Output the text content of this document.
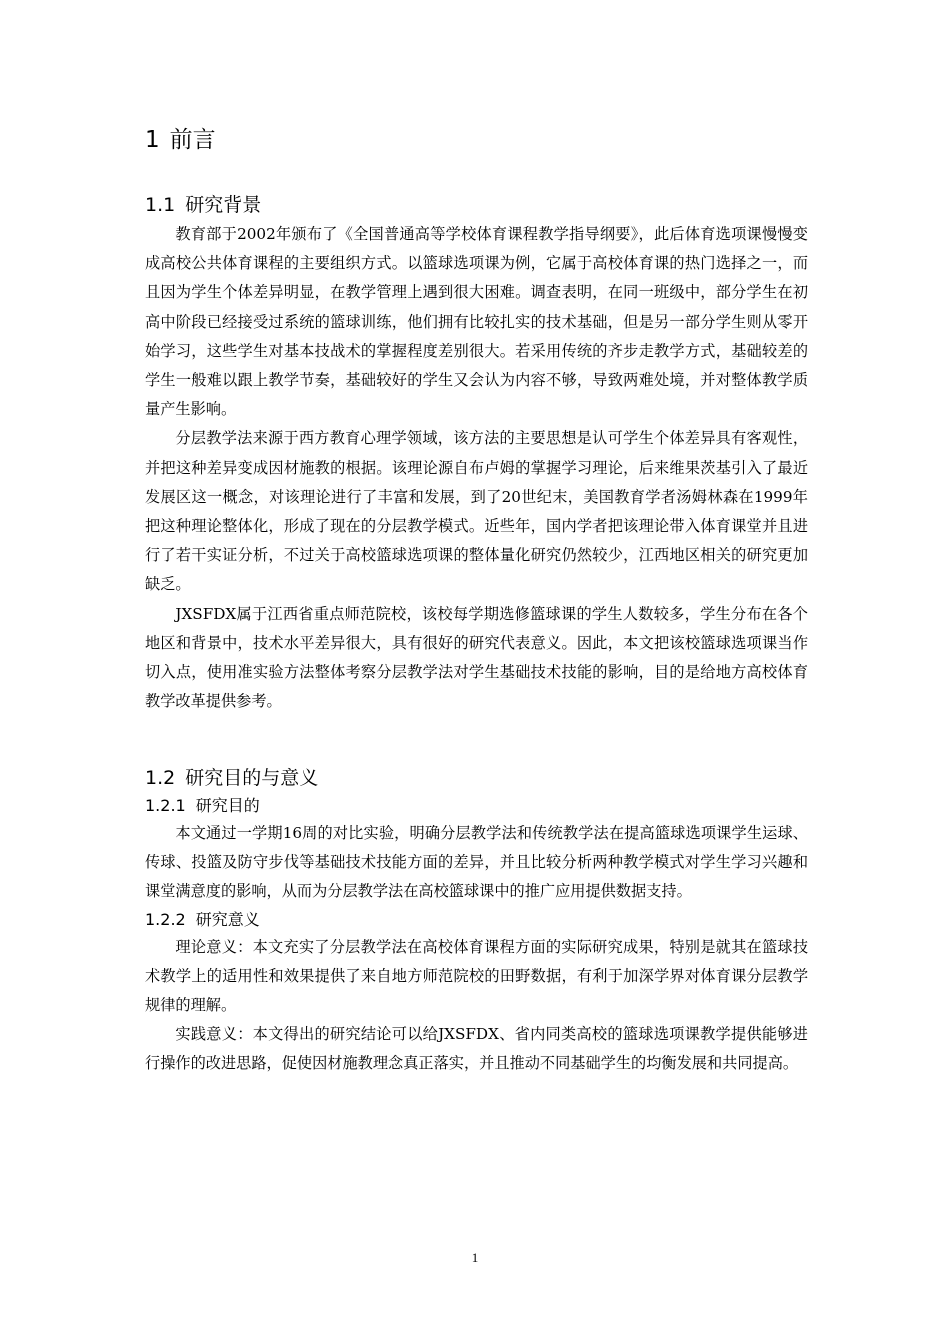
1 前言
1.1 研究背景

教育部于2002年颁布了《全国普通高等学校体育课程教学指导纲要》，此后体育选项课慢慢变成高校公共体育课程的主要组织方式。以篮球选项课为例，它属于高校体育课的热门选择之一，而且因为学生个体差异明显，在教学管理上遇到很大困难。调查表明，在同一班级中，部分学生在初高中阶段已经接受过系统的篮球训练，他们拥有比较扎实的技术基础，但是另一部分学生则从零开始学习，这些学生对基本技战术的掌握程度差别很大。若采用传统的齐步走教学方式，基础较差的学生一般难以跟上教学节奏，基础较好的学生又会认为内容不够，导致两难处境，并对整体教学质量产生影响。

分层教学法来源于西方教育心理学领域，该方法的主要思想是认可学生个体差异具有客观性，并把这种差异变成因材施教的根据。该理论源自布卢姆的掌握学习理论，后来维果茨基引入了最近发展区这一概念，对该理论进行了丰富和发展，到了20世纪末，美国教育学者汤姆林森在1999年把这种理论整体化，形成了现在的分层教学模式。近些年，国内学者把该理论带入体育课堂并且进行了若干实证分析，不过关于高校篮球选项课的整体量化研究仍然较少，江西地区相关的研究更加缺乏。

JXSFDX属于江西省重点师范院校，该校每学期选修篮球课的学生人数较多，学生分布在各个地区和背景中，技术水平差异很大，具有很好的研究代表意义。因此，本文把该校篮球选项课当作切入点，使用准实验方法整体考察分层教学法对学生基础技术技能的影响，目的是给地方高校体育教学改革提供参考。

1.2 研究目的与意义
1.2.1 研究目的

本文通过一学期16周的对比实验，明确分层教学法和传统教学法在提高篮球选项课学生运球、传球、投篮及防守步伐等基础技术技能方面的差异，并且比较分析两种教学模式对学生学习兴趣和课堂满意度的影响，从而为分层教学法在高校篮球课中的推广应用提供数据支持。

1.2.2 研究意义

理论意义：本文充实了分层教学法在高校体育课程方面的实际研究成果，特别是就其在篮球技术教学上的适用性和效果提供了来自地方师范院校的田野数据，有利于加深学界对体育课分层教学规律的理解。

实践意义：本文得出的研究结论可以给JXSFDX、省内同类高校的篮球选项课教学提供能够进行操作的改进思路，促使因材施教理念真正落实，并且推动不同基础学生的均衡发展和共同提高。

1
